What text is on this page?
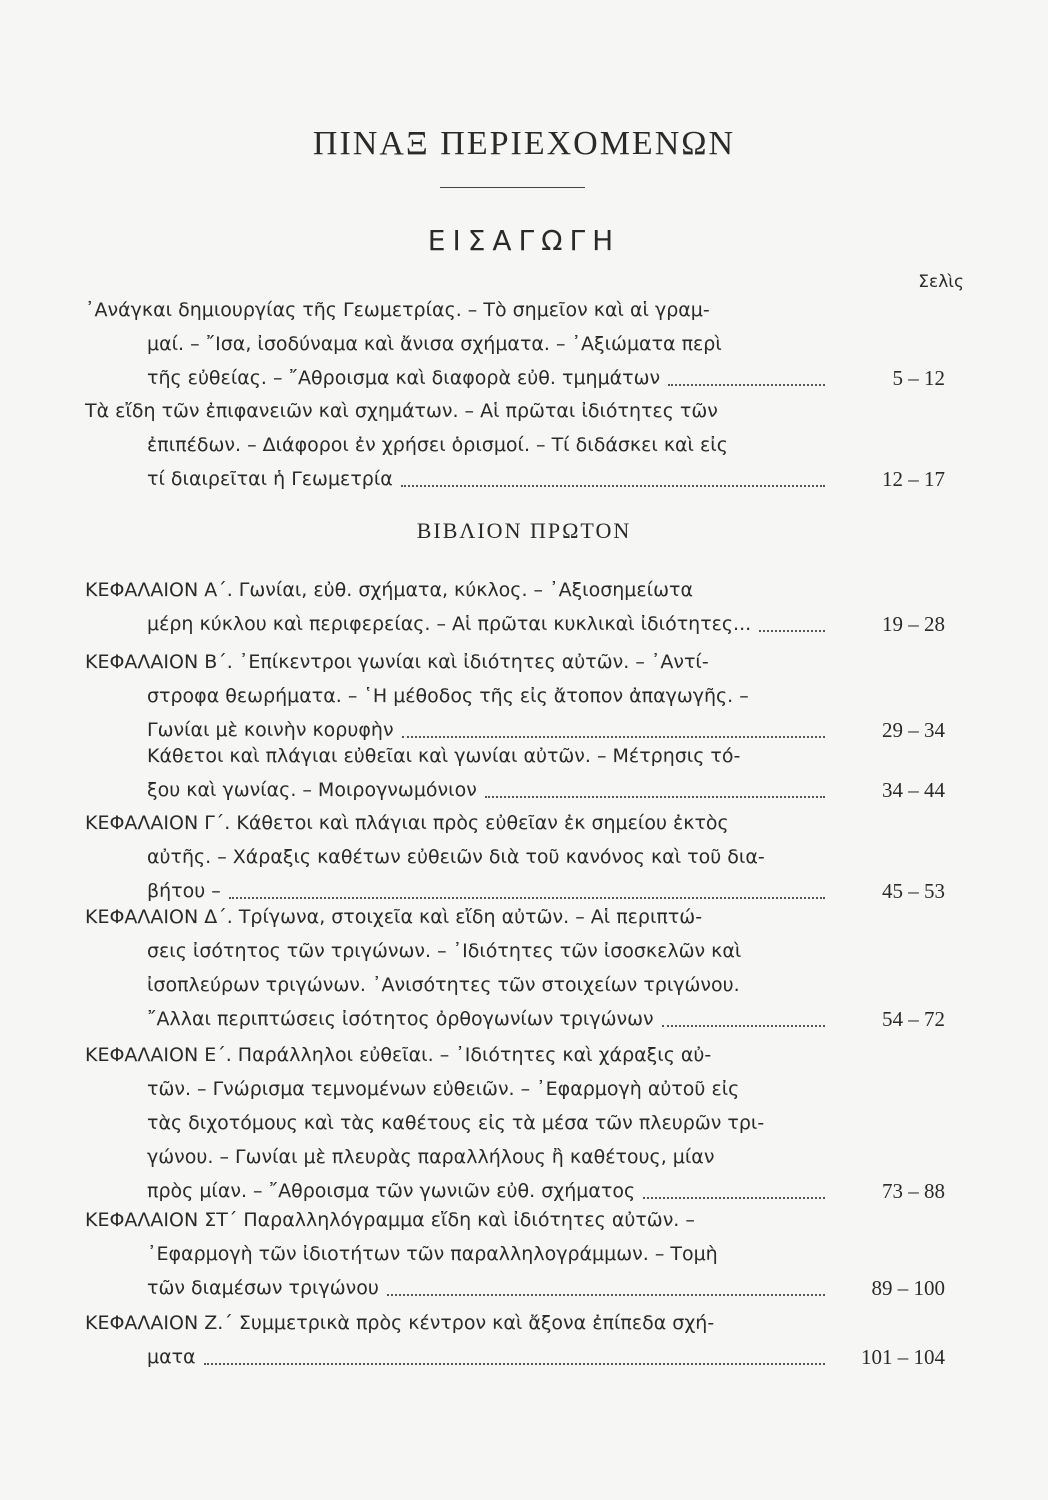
ΠΙΝΑΞ ΠΕΡΙΕΧΟΜΕΝΩΝ
ΕΙΣΑΓΩΓΗ
Σελὶς
ΒΙΒΛΙΟΝ ΠΡΩΤΟΝ
᾿Ανάγκαι δημιουργίας τῆς Γεωμετρίας. – Τὸ σημεῖον καὶ αἱ γραμ-
μαί. – ῎Ισα, ἰσοδύναμα καὶ ἄνισα σχήματα. – ᾿Αξιώματα περὶ
τῆς εὐθείας. – ῎Αθροισμα καὶ διαφορὰ εὐθ. τμημάτων	5 – 12
Τὰ εἴδη τῶν ἐπιφανειῶν καὶ σχημάτων. – Αἱ πρῶται ἰδιότητες τῶν
ἐπιπέδων. – Διάφοροι ἐν χρήσει ὁρισμοί. – Τί διδάσκει καὶ εἰς
τί διαιρεῖται ἡ Γεωμετρία	12 – 17
ΚΕΦΑΛΑΙΟΝ Α΄. Γωνίαι, εὐθ. σχήματα, κύκλος. – ᾿Αξιοσημείωτα
μέρη κύκλου καὶ περιφερείας. – Αἱ πρῶται κυκλικαὶ ἰδιότητες...	19 – 28
ΚΕΦΑΛΑΙΟΝ Β΄. ᾿Επίκεντροι γωνίαι καὶ ἰδιότητες αὐτῶν. – ᾿Αντί-
στροφα θεωρήματα. – ῾Η μέθοδος τῆς εἰς ἄτοπον ἀπαγωγῆς. –
Γωνίαι μὲ κοινὴν κορυφὴν	29 – 34
Κάθετοι καὶ πλάγιαι εὐθεῖαι καὶ γωνίαι αὐτῶν. – Μέτρησις τό-
ξου καὶ γωνίας. – Μοιρογνωμόνιον	34 – 44
ΚΕΦΑΛΑΙΟΝ Γ΄. Κάθετοι καὶ πλάγιαι πρὸς εὐθεῖαν ἐκ σημείου ἐκτὸς
αὐτῆς. – Χάραξις καθέτων εὐθειῶν διὰ τοῦ κανόνος καὶ τοῦ δια-
βήτου –	45 – 53
ΚΕΦΑΛΑΙΟΝ Δ΄. Τρίγωνα, στοιχεῖα καὶ εἴδη αὐτῶν. – Αἱ περιπτώ-
σεις ἰσότητος τῶν τριγώνων. – ᾿Ιδιότητες τῶν ἰσοσκελῶν καὶ
ἰσοπλεύρων τριγώνων. ᾿Ανισότητες τῶν στοιχείων τριγώνου.
῎Αλλαι περιπτώσεις ἰσότητος ὀρθογωνίων τριγώνων	54 – 72
ΚΕΦΑΛΑΙΟΝ Ε΄. Παράλληλοι εὐθεῖαι. – ᾿Ιδιότητες καὶ χάραξις αὐ-
τῶν. – Γνώρισμα τεμνομένων εὐθειῶν. – ᾿Εφαρμογὴ αὐτοῦ εἰς
τὰς διχοτόμους καὶ τὰς καθέτους εἰς τὰ μέσα τῶν πλευρῶν τρι-
γώνου. – Γωνίαι μὲ πλευρὰς παραλλήλους ἢ καθέτους, μίαν
πρὸς μίαν. – ῎Αθροισμα τῶν γωνιῶν εὐθ. σχήματος	73 – 88
ΚΕΦΑΛΑΙΟΝ ΣΤ΄ Παραλληλόγραμμα εἴδη καὶ ἰδιότητες αὐτῶν. –
᾿Εφαρμογὴ τῶν ἰδιοτήτων τῶν παραλληλογράμμων. – Τομὴ
τῶν διαμέσων τριγώνου	89 – 100
ΚΕΦΑΛΑΙΟΝ Ζ.΄ Συμμετρικὰ πρὸς κέντρον καὶ ἄξονα ἐπίπεδα σχή-
ματα	101 – 104
